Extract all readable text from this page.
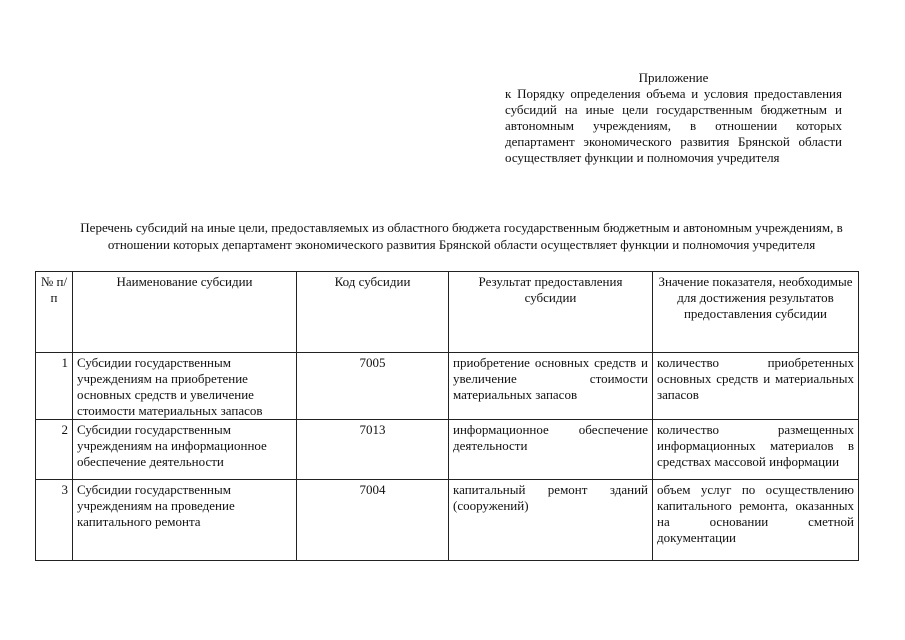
Приложение
к Порядку определения объема и условия предоставления субсидий на иные цели государственным бюджетным и автономным учреждениям, в отношении которых департамент экономического развития Брянской области осуществляет функции и полномочия учредителя
Перечень субсидий на иные цели, предоставляемых из областного бюджета государственным бюджетным и автономным учреждениям, в отношении которых департамент экономического развития Брянской области осуществляет функции и полномочия учредителя
№ п/п	Наименование субсидии	Код субсидии	Результат предоставления субсидии	Значение показателя, необходимые для достижения результатов предоставления субсидии
1	Субсидии государственным учреждениям на приобретение основных средств и увеличение стоимости материальных запасов	7005	приобретение основных средств и увеличение стоимости материальных запасов	количество приобретенных основных средств и материальных запасов
2	Субсидии государственным учреждениям на информационное обеспечение деятельности	7013	информационное обеспечение деятельности	количество размещенных информационных материалов в средствах массовой информации
3	Субсидии государственным учреждениям на проведение капитального ремонта	7004	капитальный ремонт зданий (сооружений)	объем услуг по осуществлению капитального ремонта, оказанных на основании сметной документации
